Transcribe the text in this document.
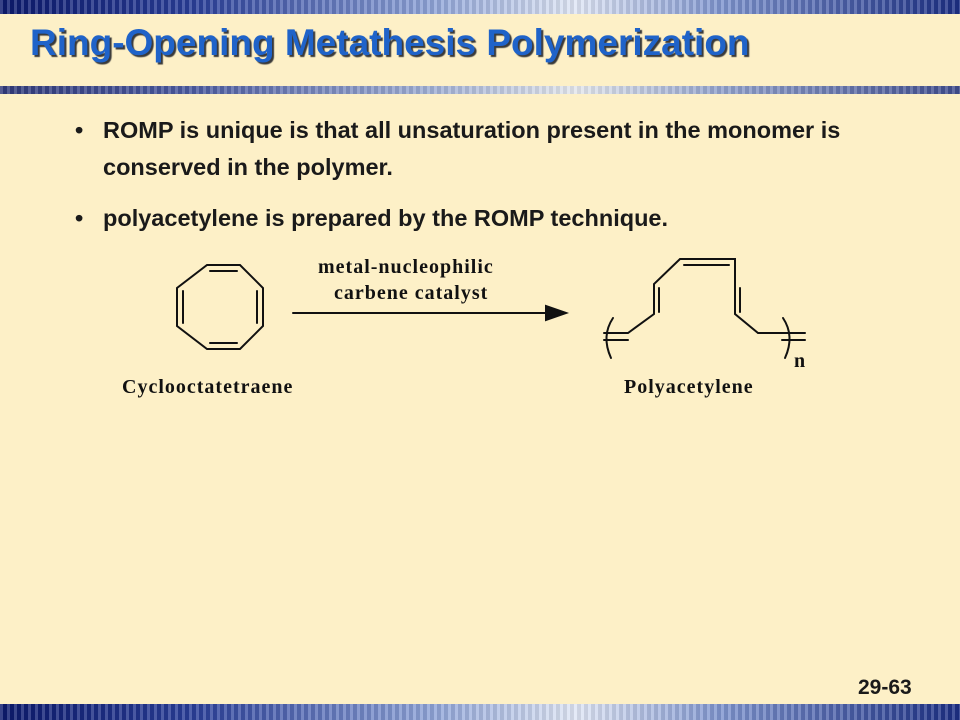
Ring-Opening Metathesis Polymerization
• ROMP is unique is that all unsaturation present in the monomer is conserved in the polymer.
• polyacetylene is prepared by the ROMP technique.
Cyclooctatetraene
metal-nucleophilic
carbene catalyst
n
Polyacetylene
29-63
